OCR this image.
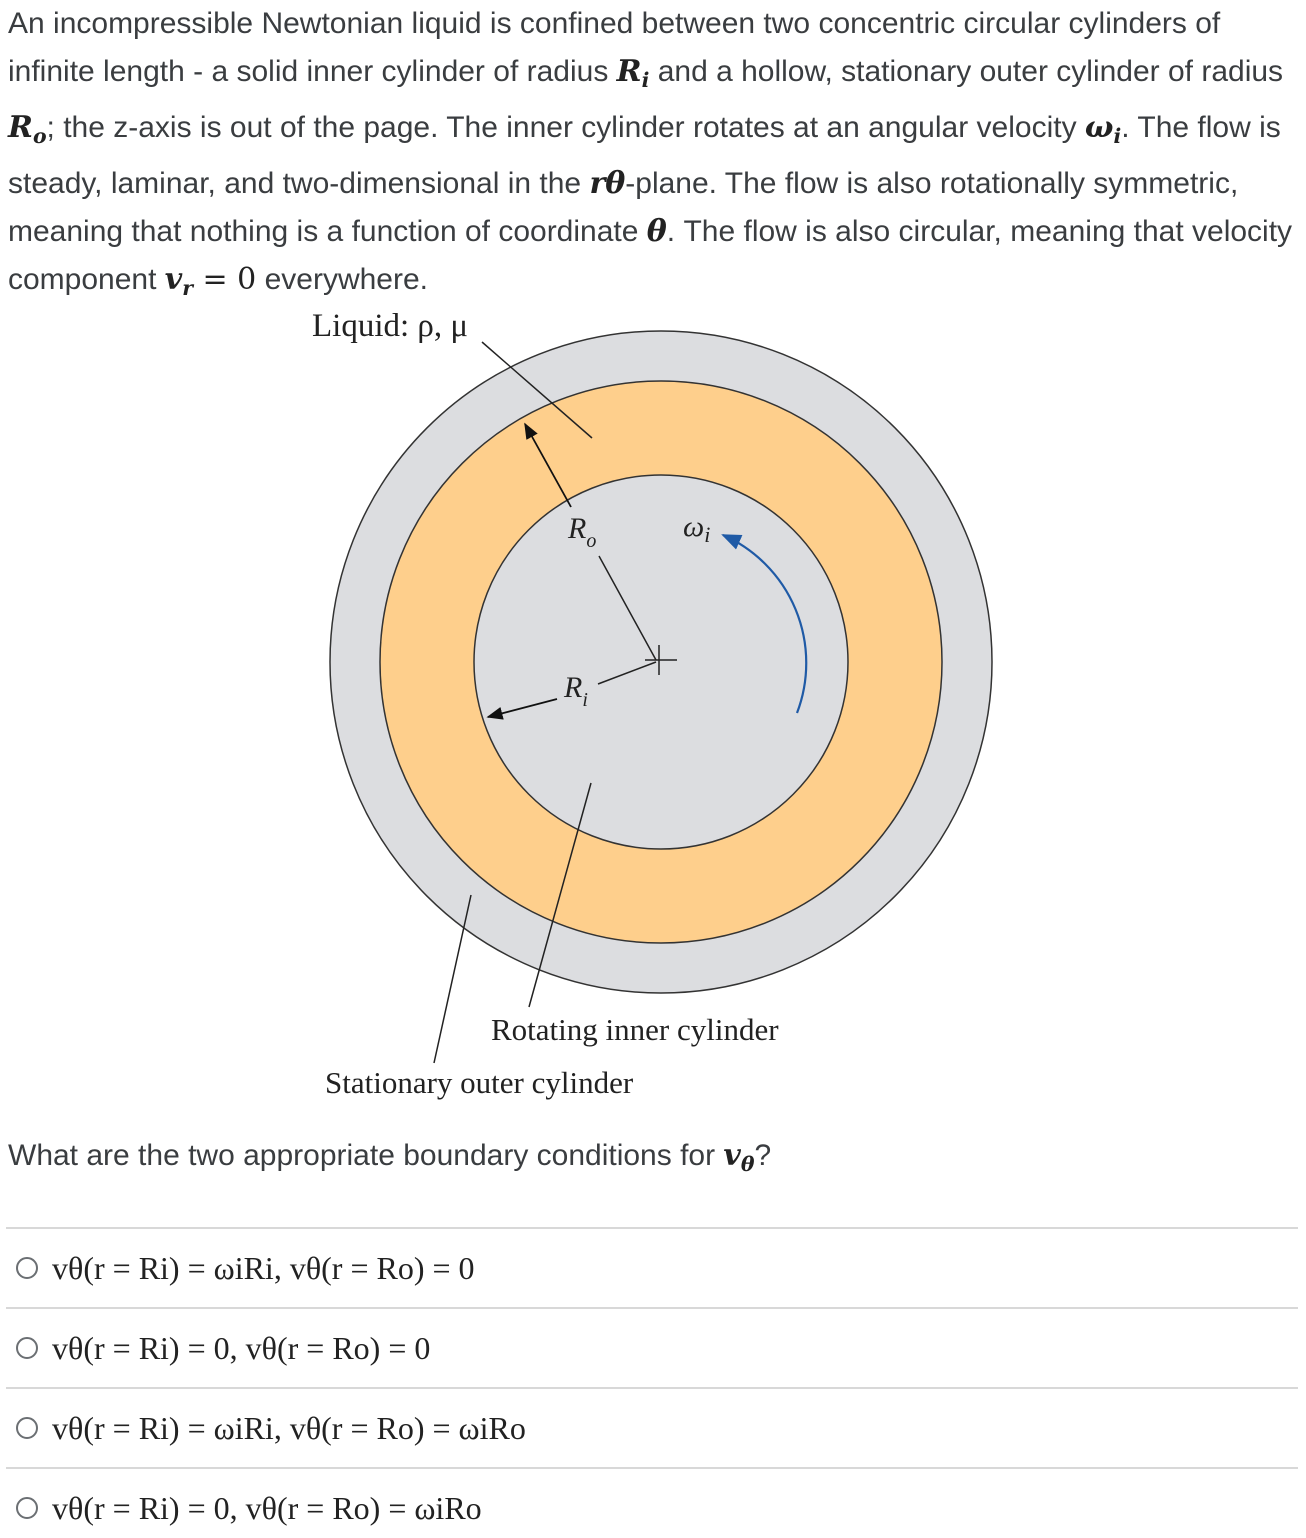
An incompressible Newtonian liquid is confined between two concentric circular cylinders of infinite length - a solid inner cylinder of radius $R_i$ and a hollow, stationary outer cylinder of radius $R_o$; the z-axis is out of the page. The inner cylinder rotates at an angular velocity $\omega_i$. The flow is steady, laminar, and two-dimensional in the rθ-plane. The flow is also rotationally symmetric, meaning that nothing is a function of coordinate θ. The flow is also circular, meaning that velocity component $v_r = 0$ everywhere.
Liquid: ρ, μ
$R_o$
$R_i$
$\omega_i$
Rotating inner cylinder
Stationary outer cylinder
What are the two appropriate boundary conditions for $v_\theta$?
vθ(r = Ri) = ωiRi, vθ(r = Ro) = 0
vθ(r = Ri) = 0, vθ(r = Ro) = 0
vθ(r = Ri) = ωiRi, vθ(r = Ro) = ωiRo
vθ(r = Ri) = 0, vθ(r = Ro) = ωiRo
